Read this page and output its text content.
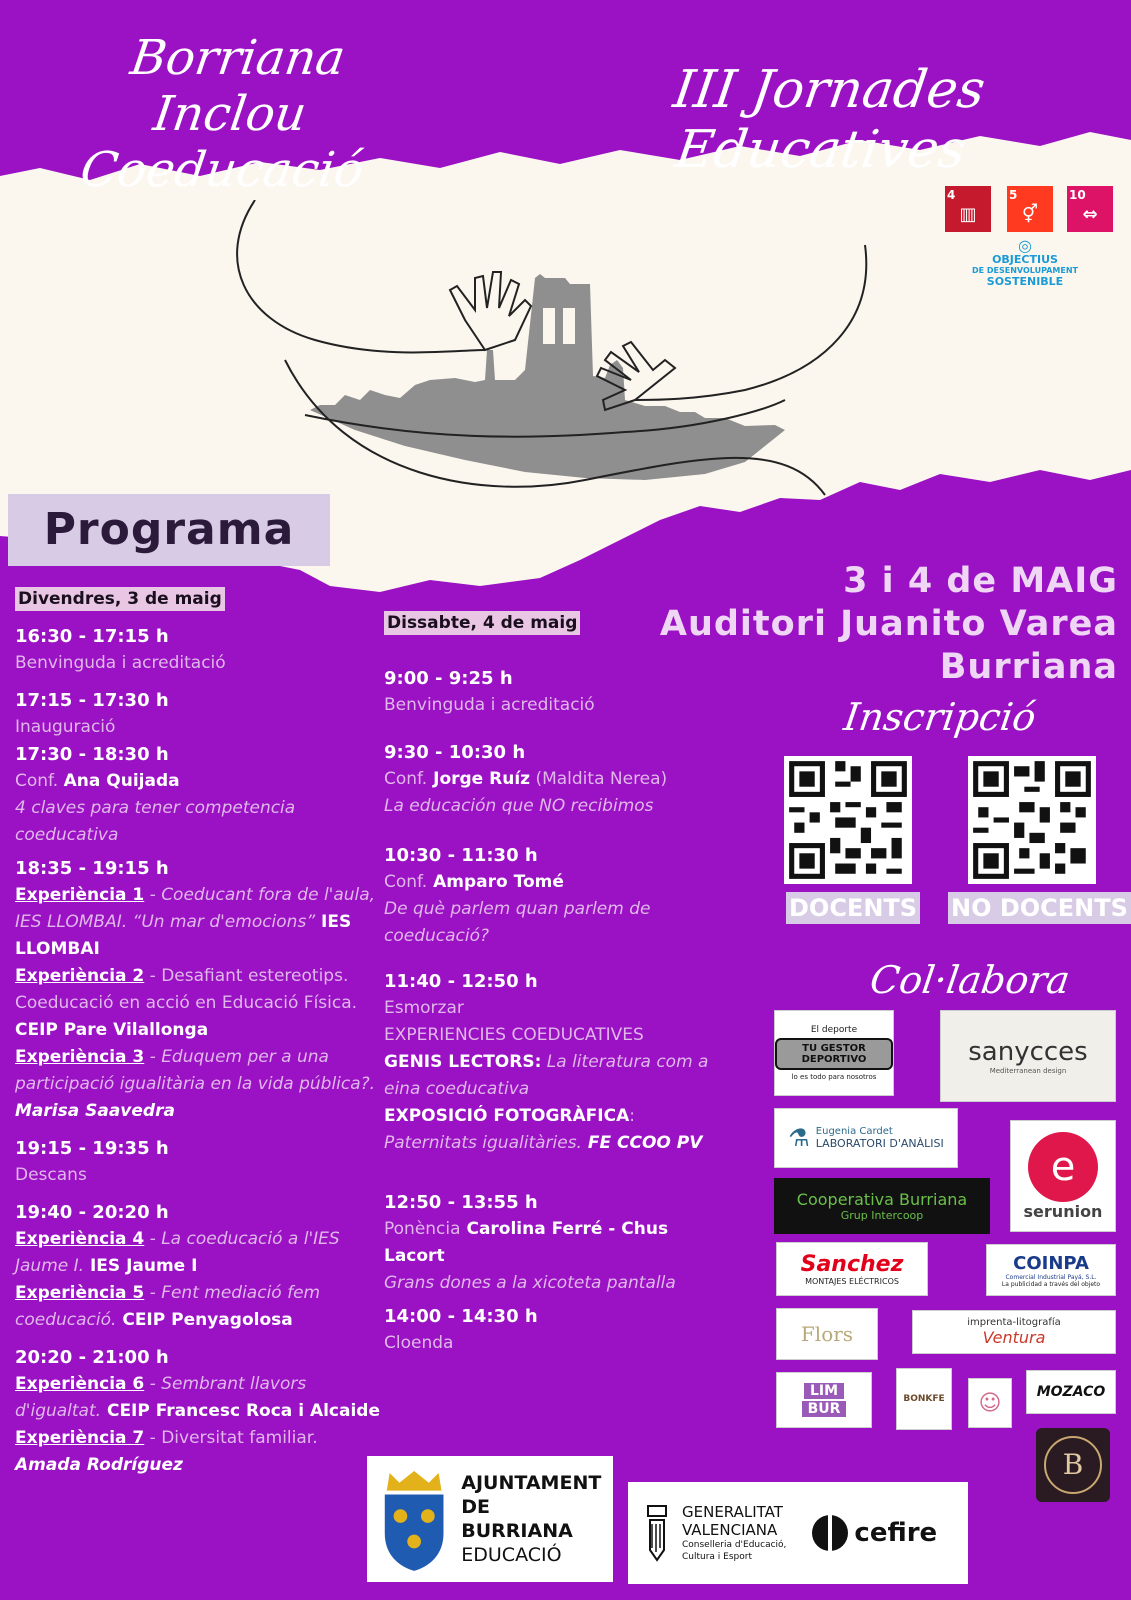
Borriana Inclou
Coeducació
III Jornades Educatives
4
▥
5
⚥
10
⇔
◎
OBJECTIUS
DE DESENVOLUPAMENT
SOSTENIBLE
Programa
Divendres, 3 de maig
16:30 - 17:15 h
Benvinguda i acreditació
17:15 - 17:30 h
Inauguració
17:30 - 18:30 h
Conf. Ana Quijada
4 claves para tener competencia coeducativa
18:35 - 19:15 h
Experiència 1 - Coeducant fora de l'aula, IES LLOMBAI. “Un mar d'emocions” IES LLOMBAI
Experiència 2 - Desafiant estereotips. Coeducació en acció en Educació Física. CEIP Pare Vilallonga
Experiència 3 - Eduquem per a una participació igualitària en la vida pública?. Marisa Saavedra
19:15 - 19:35 h
Descans
19:40 - 20:20 h
Experiència 4 - La coeducació a l'IES Jaume I. IES Jaume I
Experiència 5 - Fent mediació fem coeducació. CEIP Penyagolosa
20:20 - 21:00 h
Experiència 6 - Sembrant llavors d'igualtat. CEIP Francesc Roca i Alcaide
Experiència 7 - Diversitat familiar.
Amada Rodríguez
Dissabte, 4 de maig
9:00 - 9:25 h
Benvinguda i acreditació
9:30 - 10:30 h
Conf. Jorge Ruíz (Maldita Nerea)
La educación que NO recibimos
10:30 - 11:30 h
Conf. Amparo Tomé
De què parlem quan parlem de coeducació?
11:40 - 12:50 h
Esmorzar
EXPERIENCIES COEDUCATIVES
GENIS LECTORS: La literatura com a eina coeducativa
EXPOSICIÓ FOTOGRÀFICA:
Paternitats igualitàries. FE CCOO PV
12:50 - 13:55 h
Ponència Carolina Ferré - Chus Lacort
Grans dones a la xicoteta pantalla
14:00 - 14:30 h
Cloenda
3 i 4 de MAIG
Auditori Juanito Varea
Burriana
Inscripció
DOCENTS NO DOCENTS
Col·labora
El deporte
TU GESTOR DEPORTIVO
lo es todo para nosotros
sanycces
Mediterranean design
⚗ Eugenia Cardet
LABORATORI D'ANÀLISI	e
serunion
Cooperativa Burriana
Grup Intercoop
Sanchez
MONTAJES ELÉCTRICOS
COINPA
Comercial Industrial Payá, S.L.
La publicidad a través del objeto
Flors	imprenta-litografía
Ventura
LIM
BUR
BONKFE ☺	MOZACO
B
AJUNTAMENT
DE BURRIANA
EDUCACIÓ
GENERALITAT
VALENCIANA
Conselleria d'Educació,
Cultura i Esport
cefire
